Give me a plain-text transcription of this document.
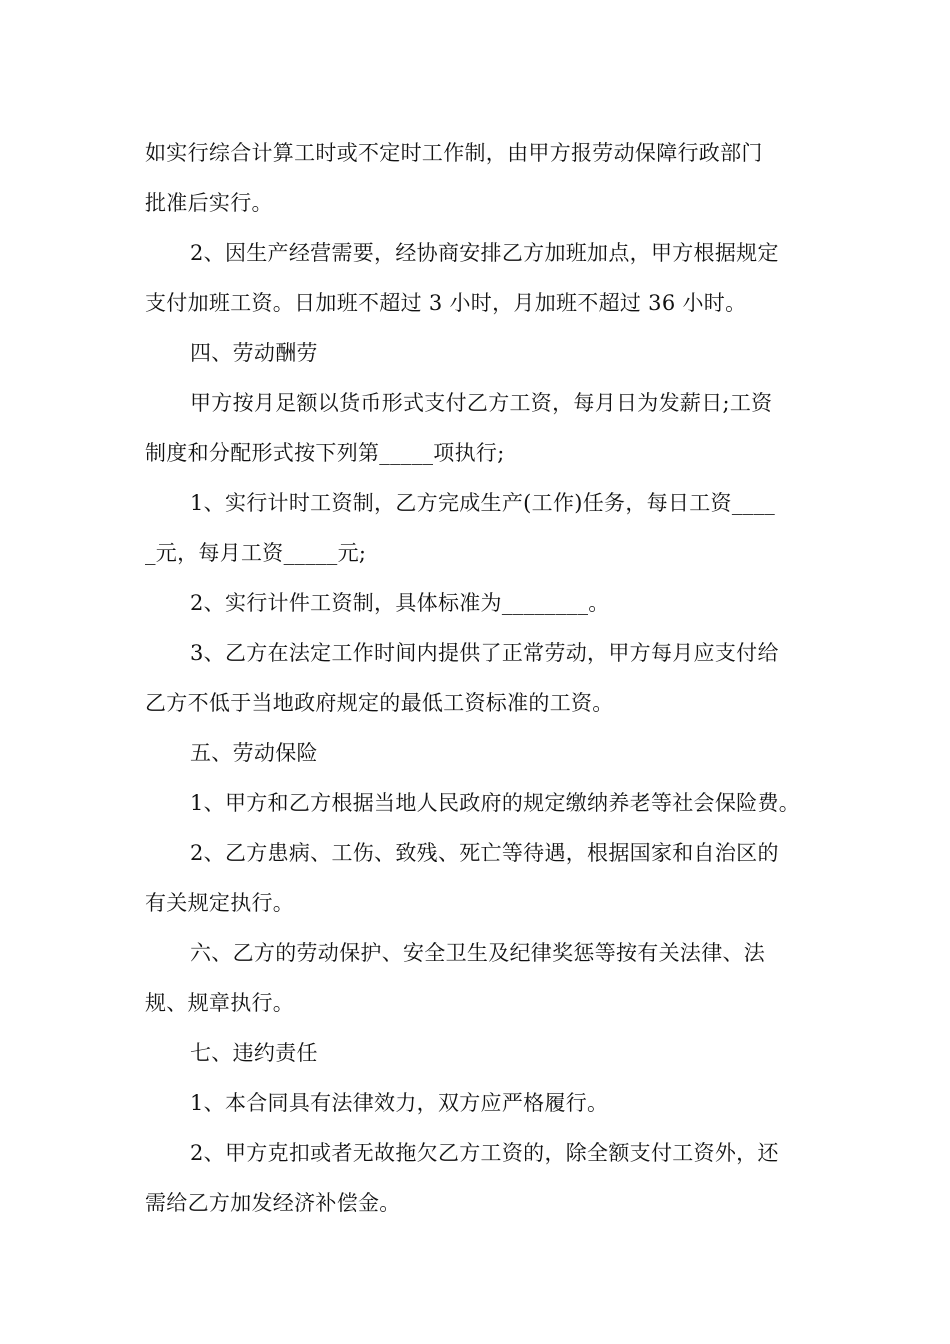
如实行综合计算工时或不定时工作制，由甲方报劳动保障行政部门
批准后实行。
2、因生产经营需要，经协商安排乙方加班加点，甲方根据规定
支付加班工资。日加班不超过 3 小时，月加班不超过 36 小时。
四、劳动酬劳
甲方按月足额以货币形式支付乙方工资，每月日为发薪日;工资
制度和分配形式按下列第_____项执行;
1、实行计时工资制，乙方完成生产(工作)任务，每日工资____
_元，每月工资_____元;
2、实行计件工资制，具体标准为________。
3、乙方在法定工作时间内提供了正常劳动，甲方每月应支付给
乙方不低于当地政府规定的最低工资标准的工资。
五、劳动保险
1、甲方和乙方根据当地人民政府的规定缴纳养老等社会保险费。
2、乙方患病、工伤、致残、死亡等待遇，根据国家和自治区的
有关规定执行。
六、乙方的劳动保护、安全卫生及纪律奖惩等按有关法律、法
规、规章执行。
七、违约责任
1、本合同具有法律效力，双方应严格履行。
2、甲方克扣或者无故拖欠乙方工资的，除全额支付工资外，还
需给乙方加发经济补偿金。
